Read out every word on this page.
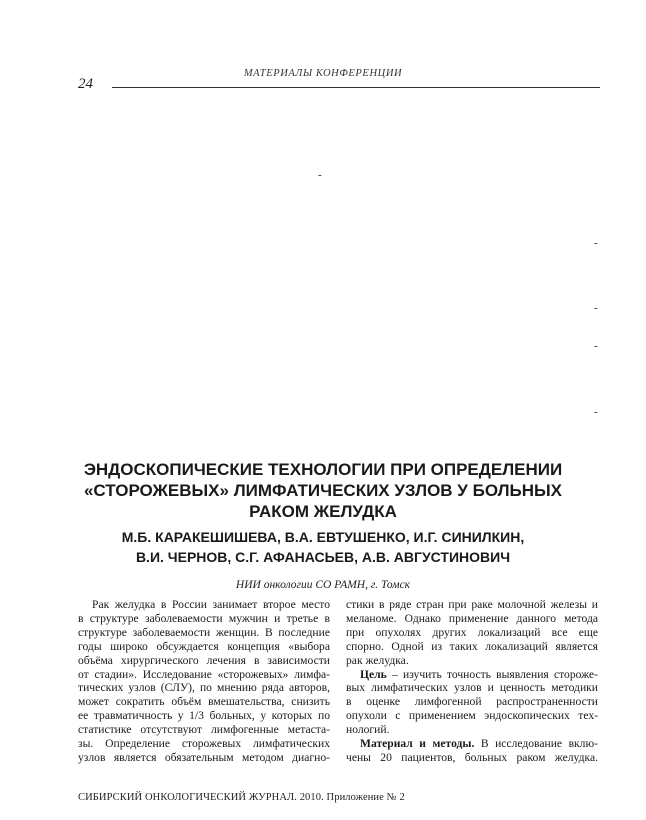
МАТЕРИАЛЫ КОНФЕРЕНЦИИ
24
-
-
-
-
-
ЭНДОСКОПИЧЕСКИЕ ТЕХНОЛОГИИ ПРИ ОПРЕДЕЛЕНИИ
«СТОРОЖЕВЫХ» ЛИМФАТИЧЕСКИХ УЗЛОВ У БОЛЬНЫХ
РАКОМ ЖЕЛУДКА
М.Б. КАРАКЕШИШЕВА, В.А. ЕВТУШЕНКО, И.Г. СИНИЛКИН,
В.И. ЧЕРНОВ, С.Г. АФАНАСЬЕВ, А.В. АВГУСТИНОВИЧ
НИИ онкологии СО РАМН, г. Томск
Рак желудка в России занимает второе место
в структуре заболеваемости мужчин и третье в
структуре заболеваемости женщин. В последние
годы широко обсуждается концепция «выбора
объёма хирургического лечения в зависимости
от стадии». Исследование «сторожевых» лимфа-
тических узлов (СЛУ), по мнению ряда авторов,
может сократить объём вмешательства, снизить
ее травматичность у 1/3 больных, у которых по
статистике отсутствуют лимфогенные метаста-
зы. Определение сторожевых лимфатических
узлов является обязательным методом диагно-
стики в ряде стран при раке молочной железы и
меланоме. Однако применение данного метода
при опухолях других локализаций все еще
спорно. Одной из таких локализаций является
рак желудка.
Цель – изучить точность выявления стороже-
вых лимфатических узлов и ценность методики
в оценке лимфогенной распространенности
опухоли с применением эндоскопических тех-
нологий.
Материал и методы. В исследование вклю-
чены 20 пациентов, больных раком желудка.
СИБИРСКИЙ ОНКОЛОГИЧЕСКИЙ ЖУРНАЛ. 2010. Приложение № 2
